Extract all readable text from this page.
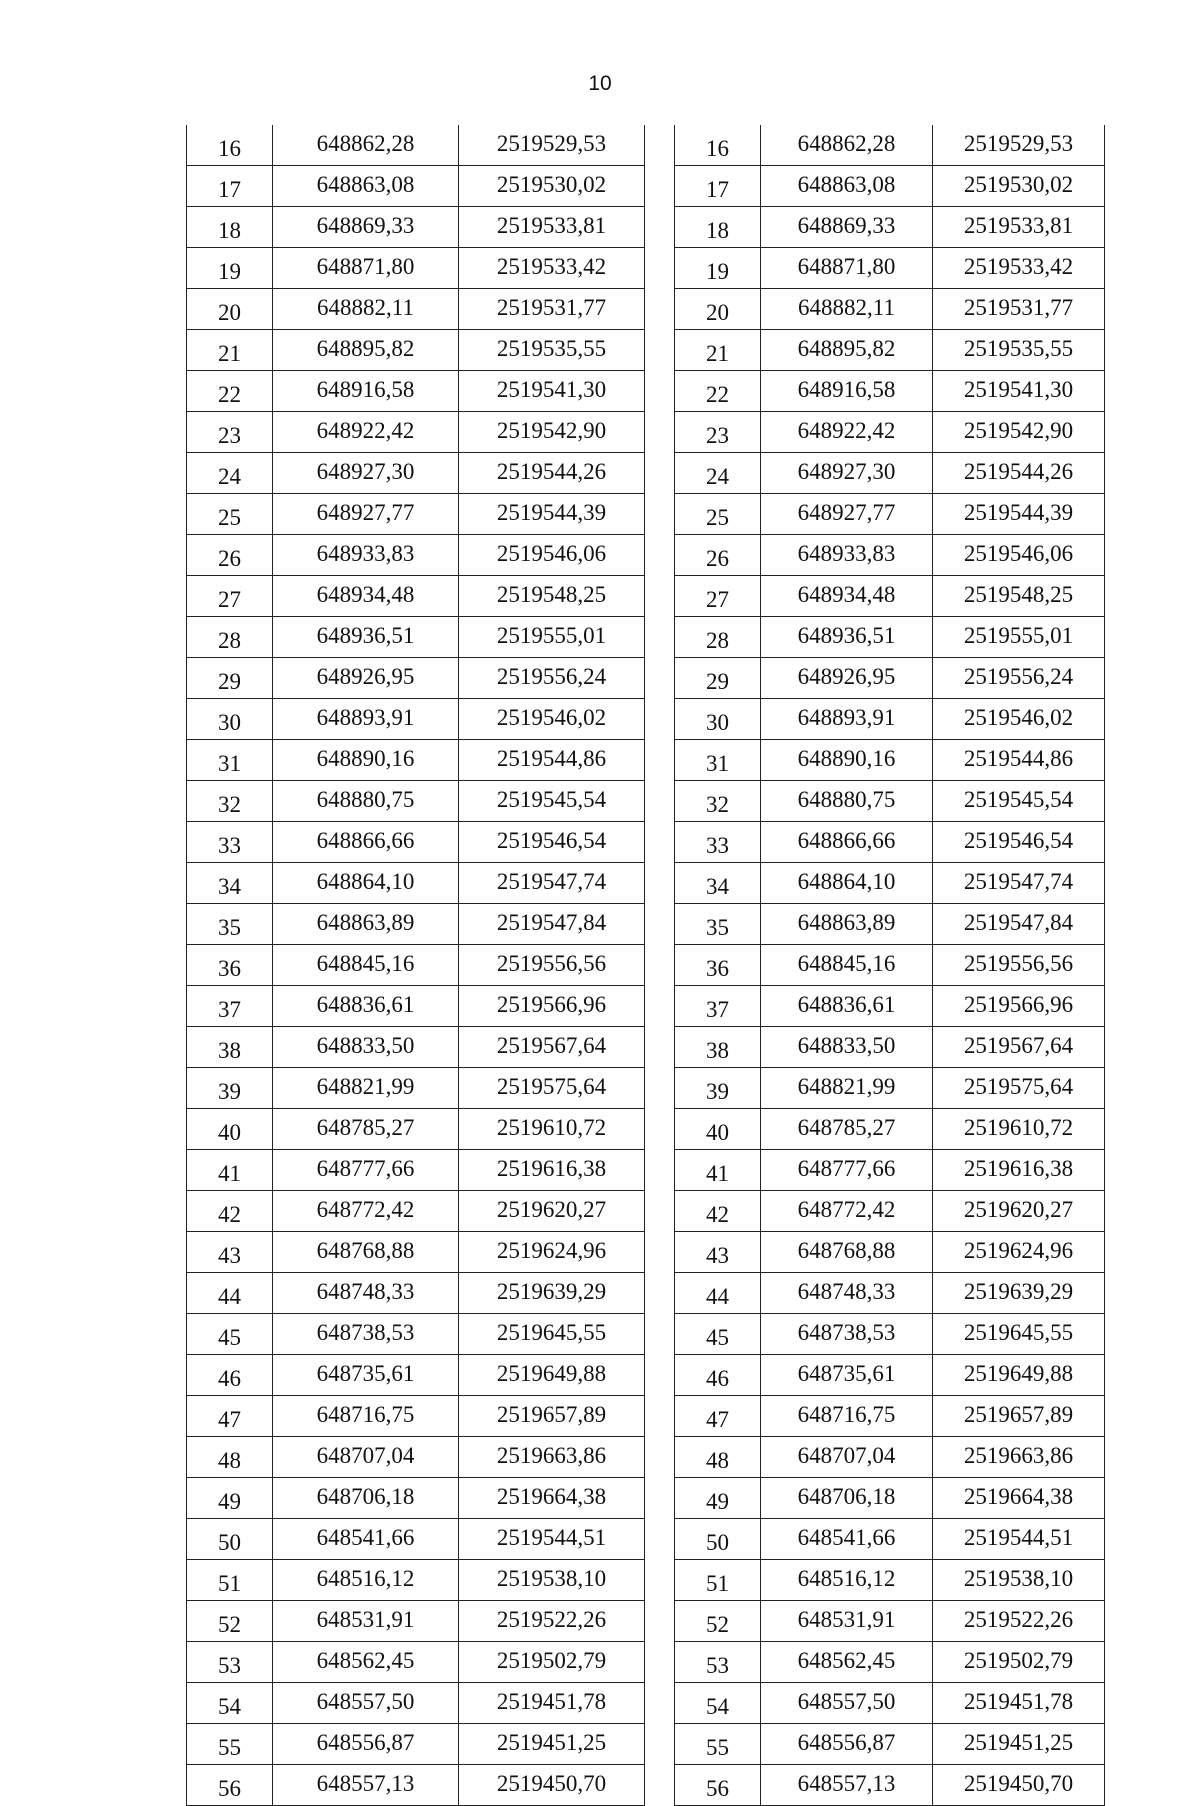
10
16	648862,28	2519529,53
17	648863,08	2519530,02
18	648869,33	2519533,81
19	648871,80	2519533,42
20	648882,11	2519531,77
21	648895,82	2519535,55
22	648916,58	2519541,30
23	648922,42	2519542,90
24	648927,30	2519544,26
25	648927,77	2519544,39
26	648933,83	2519546,06
27	648934,48	2519548,25
28	648936,51	2519555,01
29	648926,95	2519556,24
30	648893,91	2519546,02
31	648890,16	2519544,86
32	648880,75	2519545,54
33	648866,66	2519546,54
34	648864,10	2519547,74
35	648863,89	2519547,84
36	648845,16	2519556,56
37	648836,61	2519566,96
38	648833,50	2519567,64
39	648821,99	2519575,64
40	648785,27	2519610,72
41	648777,66	2519616,38
42	648772,42	2519620,27
43	648768,88	2519624,96
44	648748,33	2519639,29
45	648738,53	2519645,55
46	648735,61	2519649,88
47	648716,75	2519657,89
48	648707,04	2519663,86
49	648706,18	2519664,38
50	648541,66	2519544,51
51	648516,12	2519538,10
52	648531,91	2519522,26
53	648562,45	2519502,79
54	648557,50	2519451,78
55	648556,87	2519451,25
56	648557,13	2519450,70
16	648862,28	2519529,53
17	648863,08	2519530,02
18	648869,33	2519533,81
19	648871,80	2519533,42
20	648882,11	2519531,77
21	648895,82	2519535,55
22	648916,58	2519541,30
23	648922,42	2519542,90
24	648927,30	2519544,26
25	648927,77	2519544,39
26	648933,83	2519546,06
27	648934,48	2519548,25
28	648936,51	2519555,01
29	648926,95	2519556,24
30	648893,91	2519546,02
31	648890,16	2519544,86
32	648880,75	2519545,54
33	648866,66	2519546,54
34	648864,10	2519547,74
35	648863,89	2519547,84
36	648845,16	2519556,56
37	648836,61	2519566,96
38	648833,50	2519567,64
39	648821,99	2519575,64
40	648785,27	2519610,72
41	648777,66	2519616,38
42	648772,42	2519620,27
43	648768,88	2519624,96
44	648748,33	2519639,29
45	648738,53	2519645,55
46	648735,61	2519649,88
47	648716,75	2519657,89
48	648707,04	2519663,86
49	648706,18	2519664,38
50	648541,66	2519544,51
51	648516,12	2519538,10
52	648531,91	2519522,26
53	648562,45	2519502,79
54	648557,50	2519451,78
55	648556,87	2519451,25
56	648557,13	2519450,70
